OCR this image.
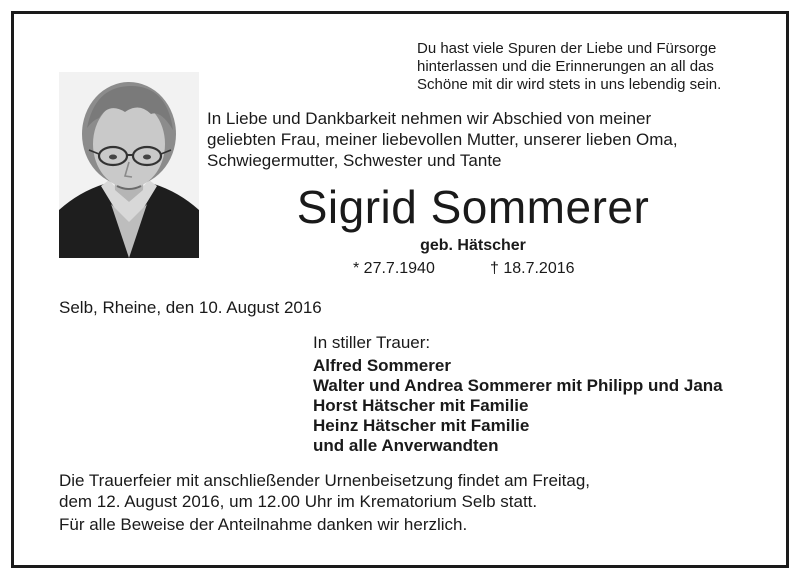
Du hast viele Spuren der Liebe und Fürsorge
hinterlassen und die Erinnerungen an all das
Schöne mit dir wird stets in uns lebendig sein.
In Liebe und Dankbarkeit nehmen wir Abschied von meiner
geliebten Frau, meiner liebevollen Mutter, unserer lieben Oma,
Schwiegermutter, Schwester und Tante
Sigrid Sommerer
geb. Hätscher
* 27.7.1940	† 18.7.2016
Selb, Rheine, den 10. August 2016
In stiller Trauer:
Alfred Sommerer
Walter und Andrea Sommerer mit Philipp und Jana
Horst Hätscher mit Familie
Heinz Hätscher mit Familie
und alle Anverwandten
Die Trauerfeier mit anschließender Urnenbeisetzung findet am Freitag,
dem 12. August 2016, um 12.00 Uhr im Krematorium Selb statt.
Für alle Beweise der Anteilnahme danken wir herzlich.
